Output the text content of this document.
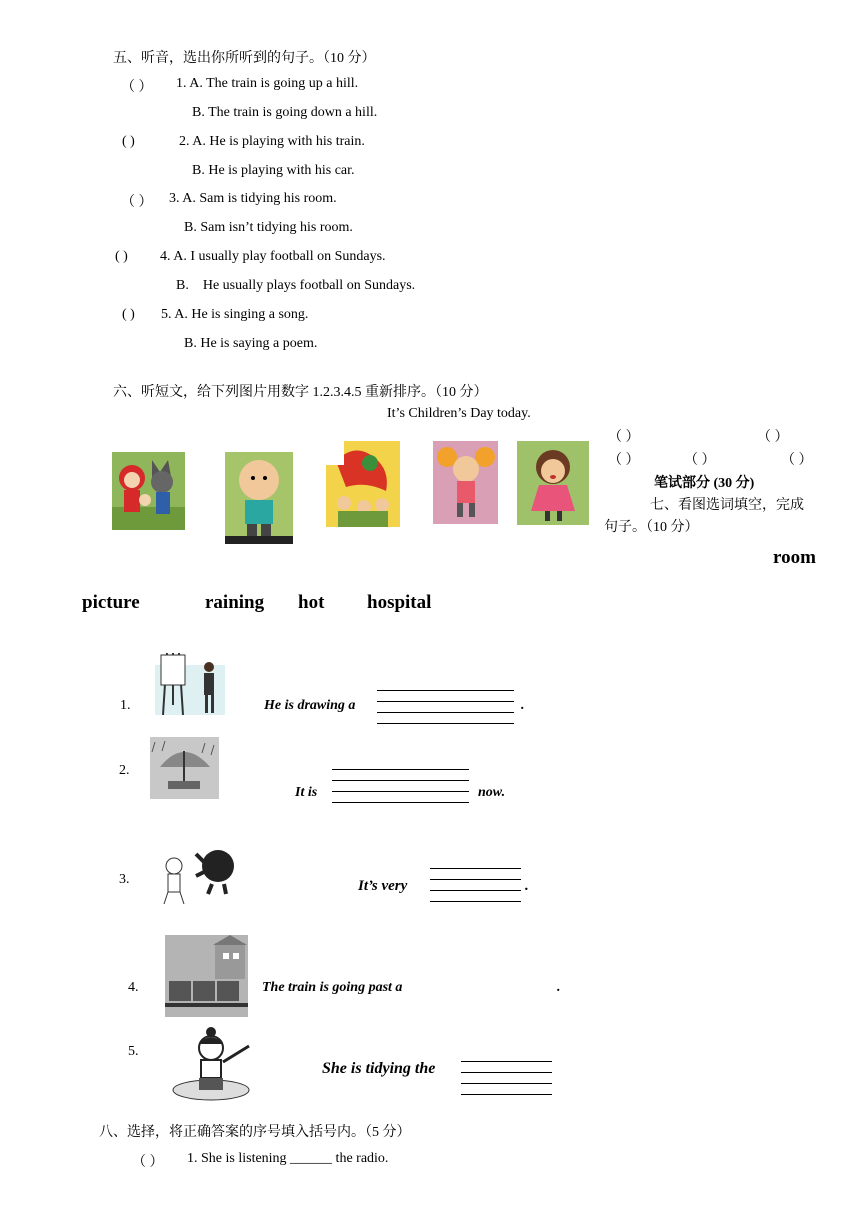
五、听音，选出你所听到的句子。（10 分）
（ ） 1. A. The train is going up a hill.
B. The train is going down a hill.
( )	2. A. He is playing with his train.
B. He is playing with his car.
（ ） 3. A. Sam is tidying his room.
B. Sam isn’t tidying his room.
( ) 4. A. I usually play football on Sundays.
B.    He usually plays football on Sundays.
( ) 5. A. He is singing a song.
B. He is saying a poem.
六、听短文，给下列图片用数字 1.2.3.4.5 重新排序。（10 分）
It’s Children’s Day today.
（ ）	（ ）
（ ）	（ ）	（ ）
笔试部分 (30 分)
七、看图选词填空，完成
句子。（10 分）
room
picture	raining hot hospital
1.	He is drawing a	.
2.
It is	now.
3.	It’s very	.
4.	The train is going past a	.
5.
She is tidying the
八、选择，将正确答案的序号填入括号内。（5 分）
（ ） 1. She is listening ______ the radio.
